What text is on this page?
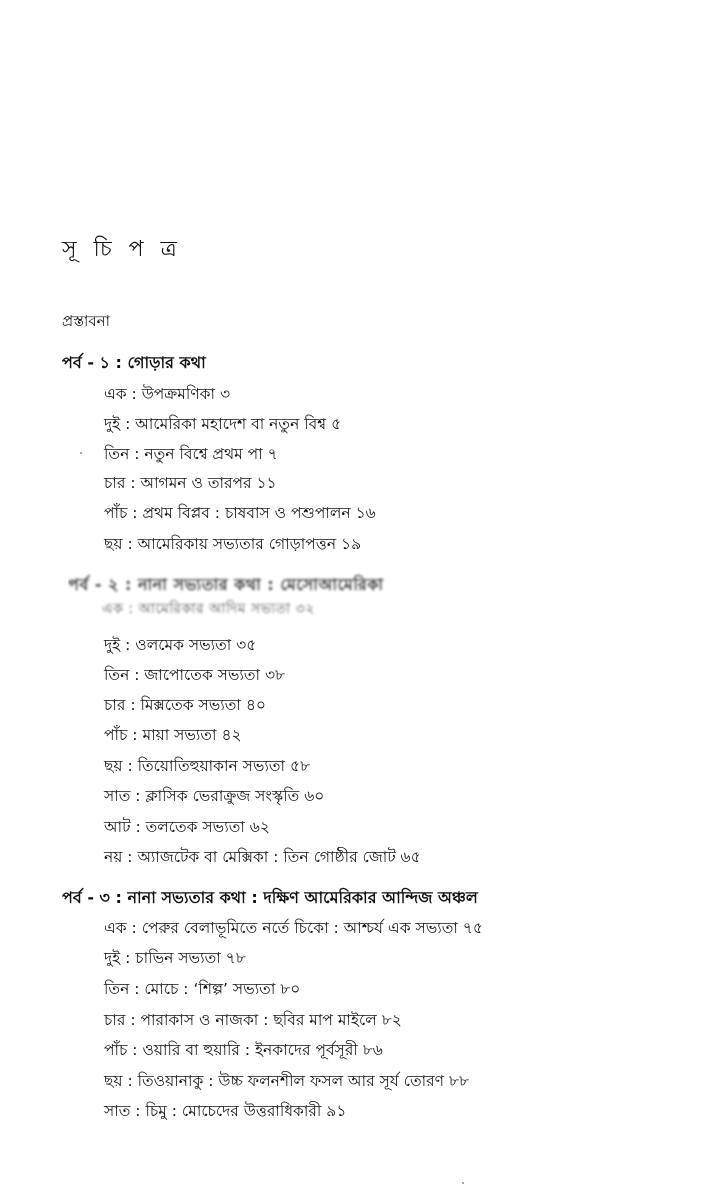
সূ চি প ত্র

প্রস্তাবনা

পর্ব - ১ : গোড়ার কথা

এক : উপক্রমণিকা ৩

দুই : আমেরিকা মহাদেশ বা নতুন বিশ্ব ৫

তিন : নতুন বিশ্বে প্রথম পা ৭

চার : আগমন ও তারপর ১১

পাঁচ : প্রথম বিপ্লব : চাষবাস ও পশুপালন ১৬

ছয় : আমেরিকায় সভ্যতার গোড়াপত্তন ১৯

পর্ব - ২ : নানা সভ্যতার কথা : মেসোআমেরিকা
এক : আমেরিকার আদিম সভ্যতা ৩২

দুই : ওলমেক সভ্যতা ৩৫

তিন : জাপোতেক সভ্যতা ৩৮

চার : মিক্সতেক সভ্যতা ৪০

পাঁচ : মায়া সভ্যতা ৪২

ছয় : তিয়োতিহুয়াকান সভ্যতা ৫৮

সাত : ক্লাসিক ভেরাক্রুজ সংস্কৃতি ৬০

আট : তলতেক সভ্যতা ৬২

নয় : অ্যাজটেক বা মেক্সিকা : তিন গোষ্ঠীর জোট ৬৫

পর্ব - ৩ : নানা সভ্যতার কথা : দক্ষিণ আমেরিকার আন্দিজ অঞ্চল

এক : পেরুর বেলাভূমিতে নর্তে চিকো : আশ্চর্য এক সভ্যতা ৭৫

দুই : চাভিন সভ্যতা ৭৮

তিন : মোচে : ‘শিল্প’ সভ্যতা ৮০

চার : পারাকাস ও নাজকা : ছবির মাপ মাইলে ৮২

পাঁচ : ওয়ারি বা হুয়ারি : ইনকাদের পূর্বসূরী ৮৬

ছয় : তিওয়ানাকু : উচ্চ ফলনশীল ফসল আর সূর্য তোরণ ৮৮

সাত : চিমু : মোচেদের উত্তরাধিকারী ৯১
